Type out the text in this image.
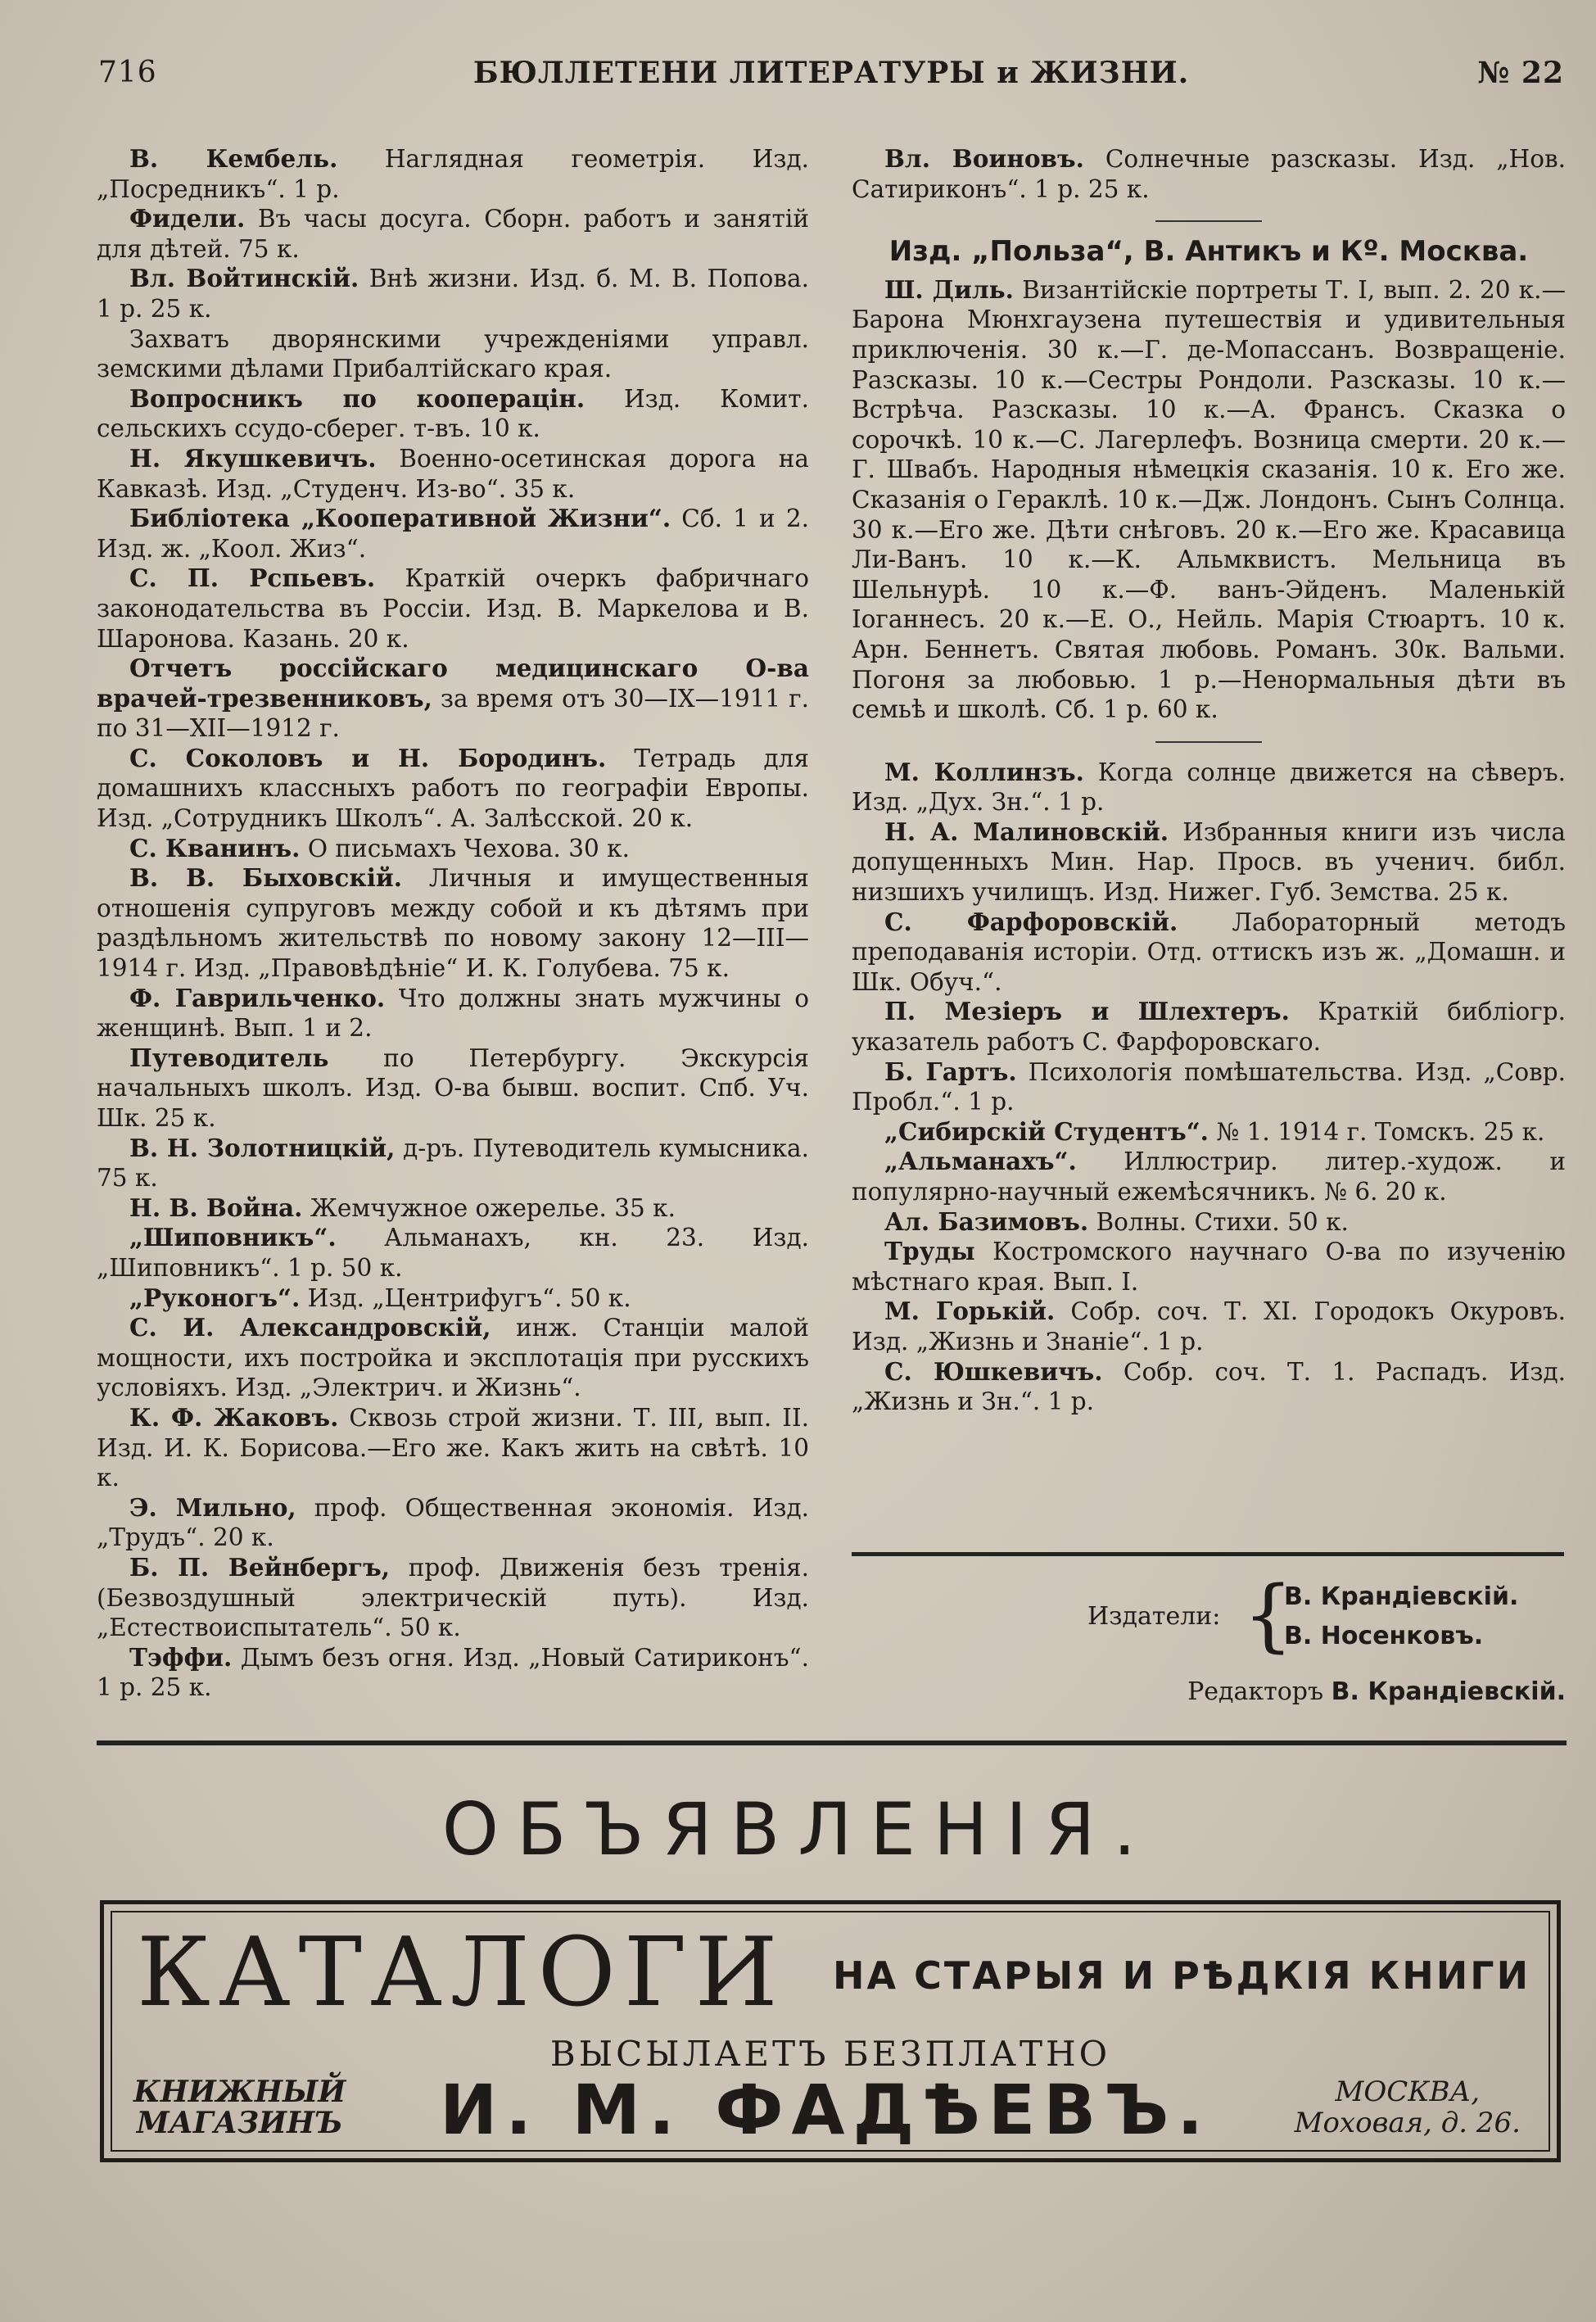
716	БЮЛЛЕТЕНИ ЛИТЕРАТУРЫ и ЖИЗНИ.	№ 22
В. Кембель. Наглядная геометрія. Изд. „Посредникъ“. 1 р.
Фидели. Въ часы досуга. Сборн. работъ и занятій для дѣтей. 75 к.
Вл. Войтинскій. Внѣ жизни. Изд. б. М. В. Попова. 1 р. 25 к.
Захватъ дворянскими учрежденіями управл. земскими дѣлами Прибалтійскаго края.
Вопросникъ по кооперацін. Изд. Комит. сельскихъ ссудо-сберег. т-въ. 10 к.
Н. Якушкевичъ. Военно-осетинская дорога на Кавказѣ. Изд. „Студенч. Из-во“. 35 к.
Библіотека „Кооперативной Жизни“. Сб. 1 и 2. Изд. ж. „Коол. Жиз“.
С. П. Рспьевъ. Краткій очеркъ фабричнаго законодательства въ Россіи. Изд. В. Маркелова и В. Шаронова. Казань. 20 к.
Отчетъ россійскаго медицинскаго О-ва врачей-трезвенниковъ, за время отъ 30—IX—1911 г. по 31—XII—1912 г.
С. Соколовъ и Н. Бородинъ. Тетрадь для домашнихъ классныхъ работъ по географіи Европы. Изд. „Сотрудникъ Школъ“. А. Залѣсской. 20 к.
С. Кванинъ. О письмахъ Чехова. 30 к.
В. В. Быховскій. Личныя и имущественныя отношенія супруговъ между собой и къ дѣтямъ при раздѣльномъ жительствѣ по новому закону 12—III—1914 г. Изд. „Правовѣдѣніе“ И. К. Голубева. 75 к.
Ф. Гаврильченко. Что должны знать мужчины о женщинѣ. Вып. 1 и 2.
Путеводитель по Петербургу. Экскурсія начальныхъ школъ. Изд. О-ва бывш. воспит. Спб. Уч. Шк. 25 к.
В. Н. Золотницкій, д-ръ. Путеводитель кумысника. 75 к.
Н. В. Война. Жемчужное ожерелье. 35 к.
„Шиповникъ“. Альманахъ, кн. 23. Изд. „Шиповникъ“. 1 р. 50 к.
„Руконогъ“. Изд. „Центрифугъ“. 50 к.
С. И. Александровскій, инж. Станціи малой мощности, ихъ постройка и эксплотація при русскихъ условіяхъ. Изд. „Электрич. и Жизнь“.
К. Ф. Жаковъ. Сквозь строй жизни. Т. III, вып. II. Изд. И. К. Борисова.—Его же. Какъ жить на свѣтѣ. 10 к.
Э. Мильно, проф. Общественная экономія. Изд. „Трудъ“. 20 к.
Б. П. Вейнбергъ, проф. Движенія безъ тренія. (Безвоздушный электрическій путь). Изд. „Естествоиспытатель“. 50 к.
Тэффи. Дымъ безъ огня. Изд. „Новый Сатириконъ“. 1 р. 25 к.
Вл. Воиновъ. Солнечные разсказы. Изд. „Нов. Сатириконъ“. 1 р. 25 к.
Изд. „Польза“, В. Антикъ и Кº. Москва.
Ш. Диль. Византійскіе портреты Т. I, вып. 2. 20 к.—Барона Мюнхгаузена путешествія и удивительныя приключенія. 30 к.—Г. де-Мопассанъ. Возвращеніе. Разсказы. 10 к.—Сестры Рондоли. Разсказы. 10 к.—Встрѣча. Разсказы. 10 к.—А. Франсъ. Сказка о сорочкѣ. 10 к.—С. Лагерлефъ. Возница смерти. 20 к.—Г. Швабъ. Народныя нѣмецкія сказанія. 10 к. Его же. Сказанія о Гераклѣ. 10 к.—Дж. Лондонъ. Сынъ Солнца. 30 к.—Его же. Дѣти снѣговъ. 20 к.—Его же. Красавица Ли-Ванъ. 10 к.—К. Альмквистъ. Мельница въ Шельнурѣ. 10 к.—Ф. ванъ-Эйденъ. Маленькій Іоганнесъ. 20 к.—Е. О., Нейль. Марія Стюартъ. 10 к. Арн. Беннетъ. Святая любовь. Романъ. 30к. Вальми. Погоня за любовью. 1 р.—Ненормальныя дѣти въ семьѣ и школѣ. Сб. 1 р. 60 к.
М. Коллинзъ. Когда солнце движется на сѣверъ. Изд. „Дух. Зн.“. 1 р.
Н. А. Малиновскій. Избранныя книги изъ числа допущенныхъ Мин. Нар. Просв. въ ученич. библ. низшихъ училищъ. Изд. Нижег. Губ. Земства. 25 к.
С. Фарфоровскій. Лабораторный методъ преподаванія исторіи. Отд. оттискъ изъ ж. „Домашн. и Шк. Обуч.“.
П. Мезіеръ и Шлехтеръ. Краткій библіогр. указатель работъ С. Фарфоровскаго.
Б. Гартъ. Психологія помѣшательства. Изд. „Совр. Пробл.“. 1 р.
„Сибирскій Студентъ“. № 1. 1914 г. Томскъ. 25 к.
„Альманахъ“. Иллюстрир. литер.-худож. и популярно-научный ежемѣсячникъ. № 6. 20 к.
Ал. Базимовъ. Волны. Стихи. 50 к.
Труды Костромского научнаго О-ва по изученію мѣстнаго края. Вып. I.
М. Горькій. Собр. соч. Т. XI. Городокъ Окуровъ. Изд. „Жизнь и Знаніе“. 1 р.
С. Юшкевичъ. Собр. соч. Т. 1. Распадъ. Изд. „Жизнь и Зн.“. 1 р.
Издатели: {
В. Крандіевскій.
В. Носенковъ.
Редакторъ В. Крандіевскій.
ОБЪЯВЛЕНІЯ.
КАТАЛОГИ НА СТАРЫЯ И РѢДКІЯ КНИГИ
ВЫСЫЛАЕТЪ БЕЗПЛАТНО
КНИЖНЫЙ
МАГАЗИНЪ И. М. ФАДѢЕВЪ.	МОСКВА,
Моховая, д. 26.
